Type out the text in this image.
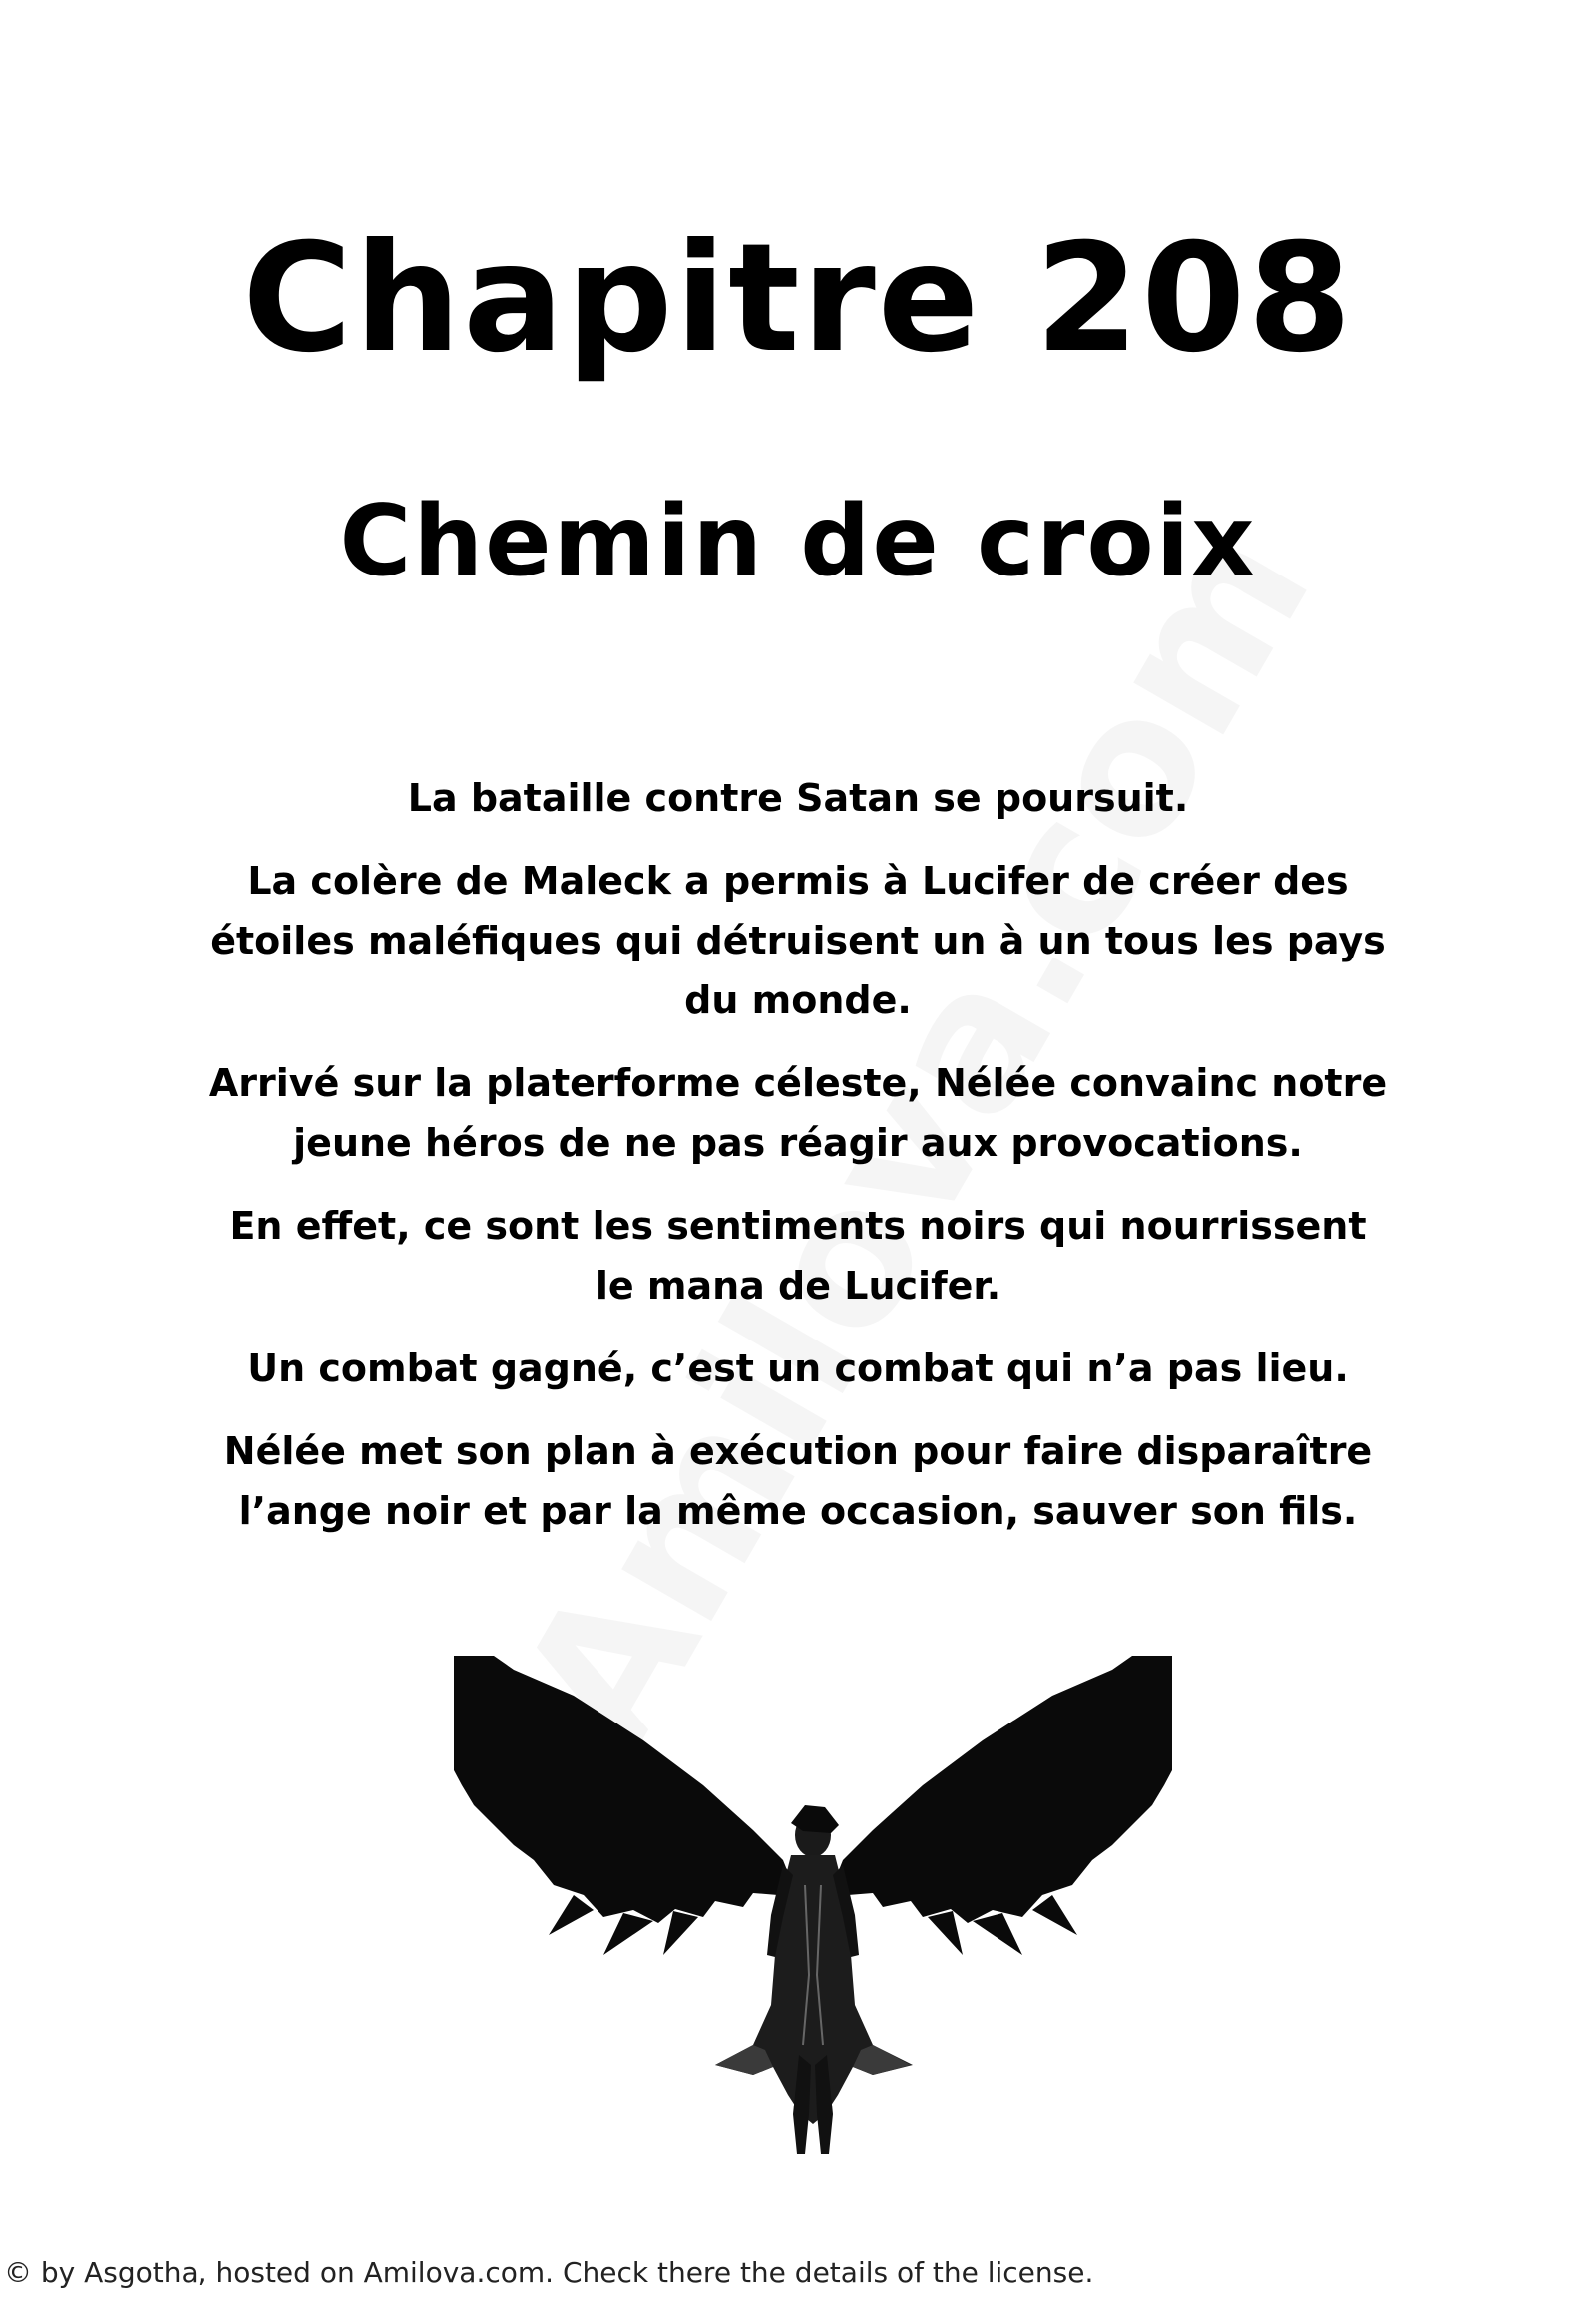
Chapitre 208
Chemin de croix

La bataille contre Satan se poursuit.

La colère de Maleck a permis à Lucifer de créer des étoiles maléfiques qui détruisent un à un tous les pays du monde.

Arrivé sur la platerforme céleste, Nélée convainc notre jeune héros de ne pas réagir aux provocations.

En effet, ce sont les sentiments noirs qui nourrissent le mana de Lucifer.

Un combat gagné, c’est un combat qui n’a pas lieu.

Nélée met son plan à exécution pour faire disparaître l’ange noir et par la même occasion, sauver son fils.

© by Asgotha, hosted on Amilova.com. Check there the details of the license.
